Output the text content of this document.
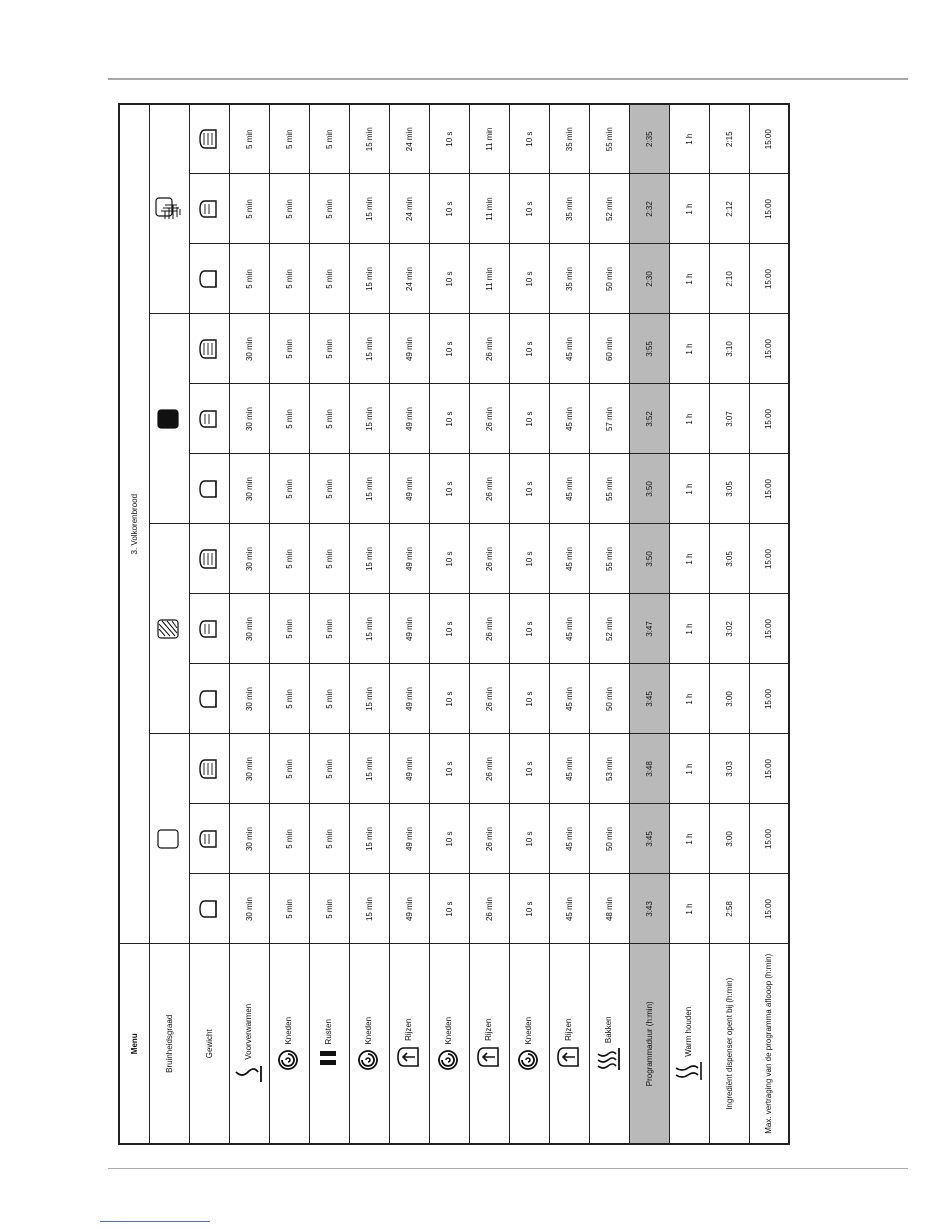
Menu	3. Volkorenbrood											
Bruinheidsgraad				
Gewicht												
Voorverwarmen	30 min	30 min	30 min	30 min	30 min	30 min	30 min	30 min	30 min	5 min	5 min	5 min
Kneden	5 min	5 min	5 min	5 min	5 min	5 min	5 min	5 min	5 min	5 min	5 min	5 min
Rusten	5 min	5 min	5 min	5 min	5 min	5 min	5 min	5 min	5 min	5 min	5 min	5 min
Kneden	15 min	15 min	15 min	15 min	15 min	15 min	15 min	15 min	15 min	15 min	15 min	15 min
Rijzen	49 min	49 min	49 min	49 min	49 min	49 min	49 min	49 min	49 min	24 min	24 min	24 min
Kneden	10 s	10 s	10 s	10 s	10 s	10 s	10 s	10 s	10 s	10 s	10 s	10 s
Rijzen	26 min	26 min	26 min	26 min	26 min	26 min	26 min	26 min	26 min	11 min	11 min	11 min
Kneden	10 s	10 s	10 s	10 s	10 s	10 s	10 s	10 s	10 s	10 s	10 s	10 s
Rijzen	45 min	45 min	45 min	45 min	45 min	45 min	45 min	45 min	45 min	35 min	35 min	35 min
Bakken	48 min	50 min	53 min	50 min	52 min	55 min	55 min	57 min	60 min	50 min	52 min	55 min
Programmaduur (h:min)	3:43	3:45	3:48	3:45	3:47	3:50	3:50	3:52	3:55	2:30	2:32	2:35
Warm houden	1 h	1 h	1 h	1 h	1 h	1 h	1 h	1 h	1 h	1 h	1 h	1 h
Ingrediënt dispenser opent bij (h:min)	2:58	3:00	3:03	3:00	3:02	3:05	3:05	3:07	3:10	2:10	2:12	2:15
Max. vertraging van de programma aflooop (h:min)	15:00	15:00	15:00	15:00	15:00	15:00	15:00	15:00	15:00	15:00	15:00	15:00
